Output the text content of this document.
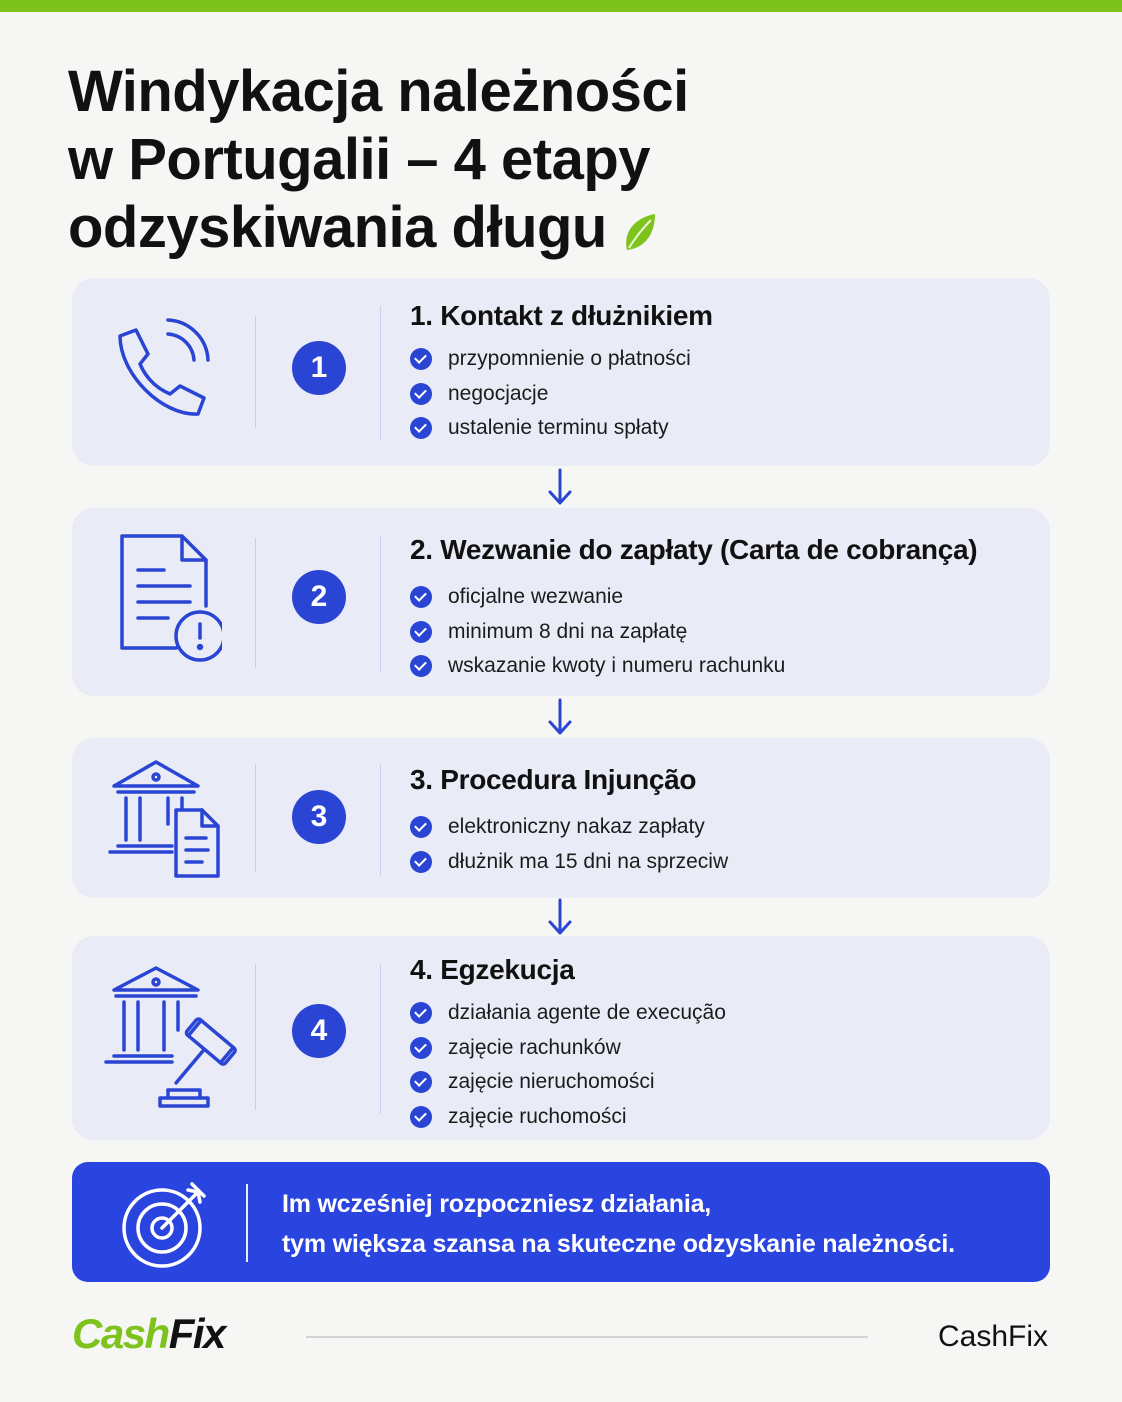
Windykacja należności
w Portugalii – 4 etapy
odzyskiwania długu
1
1. Kontakt z dłużnikiem
przypomnienie o płatności
negocjacje
ustalenie terminu spłaty
2
2. Wezwanie do zapłaty (Carta de cobrança)
oficjalne wezwanie
minimum 8 dni na zapłatę
wskazanie kwoty i numeru rachunku
3
3. Procedura Injunção
elektroniczny nakaz zapłaty
dłużnik ma 15 dni na sprzeciw
4
4. Egzekucja
działania agente de execução
zajęcie rachunków
zajęcie nieruchomości
zajęcie ruchomości
Im wcześniej rozpoczniesz działania,
tym większa szansa na skuteczne odzyskanie należności.
CashFix	CashFix
